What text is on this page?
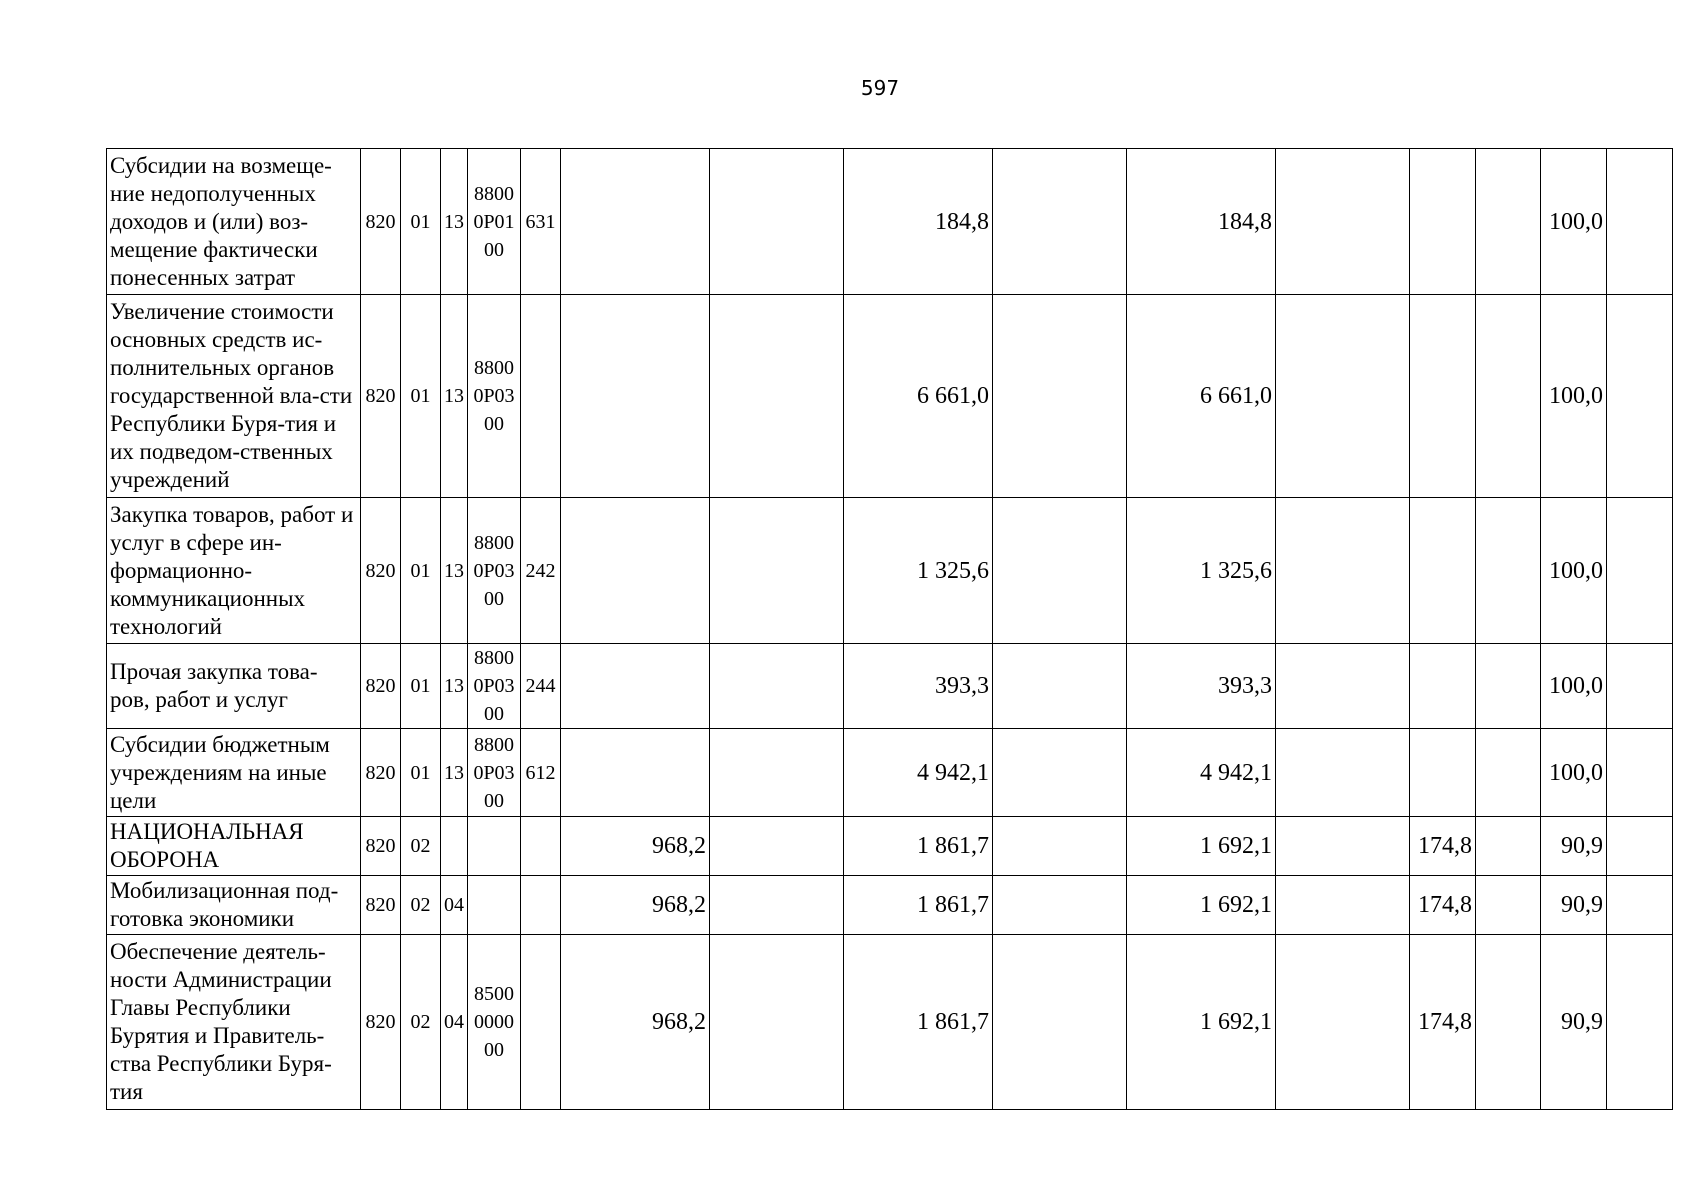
597
Субсидии на возмеще-ние недополученных доходов и (или) воз-мещение фактически понесенных затрат	820	01	13	8800 0P01 00	631			184,8		184,8				100,0	
Увеличение стоимости основных средств ис-полнительных органов государственной вла-сти Республики Буря-тия и их подведом-ственных учреждений	820	01	13	8800 0P03 00				6 661,0		6 661,0				100,0	
Закупка товаров, работ и услуг в сфере ин-формационно-коммуникационных технологий	820	01	13	8800 0P03 00	242			1 325,6		1 325,6				100,0	
Прочая закупка това-ров, работ и услуг	820	01	13	8800 0P03 00	244			393,3		393,3				100,0	
Субсидии бюджетным учреждениям на иные цели	820	01	13	8800 0P03 00	612			4 942,1		4 942,1				100,0	
НАЦИОНАЛЬНАЯ ОБОРОНА	820	02				968,2		1 861,7		1 692,1		174,8		90,9	
Мобилизационная под-готовка экономики	820	02	04			968,2		1 861,7		1 692,1		174,8		90,9	
Обеспечение деятель-ности Администрации Главы Республики Бурятия и Правитель-ства Республики Буря-тия	820	02	04	8500 0000 00		968,2		1 861,7		1 692,1		174,8		90,9	
